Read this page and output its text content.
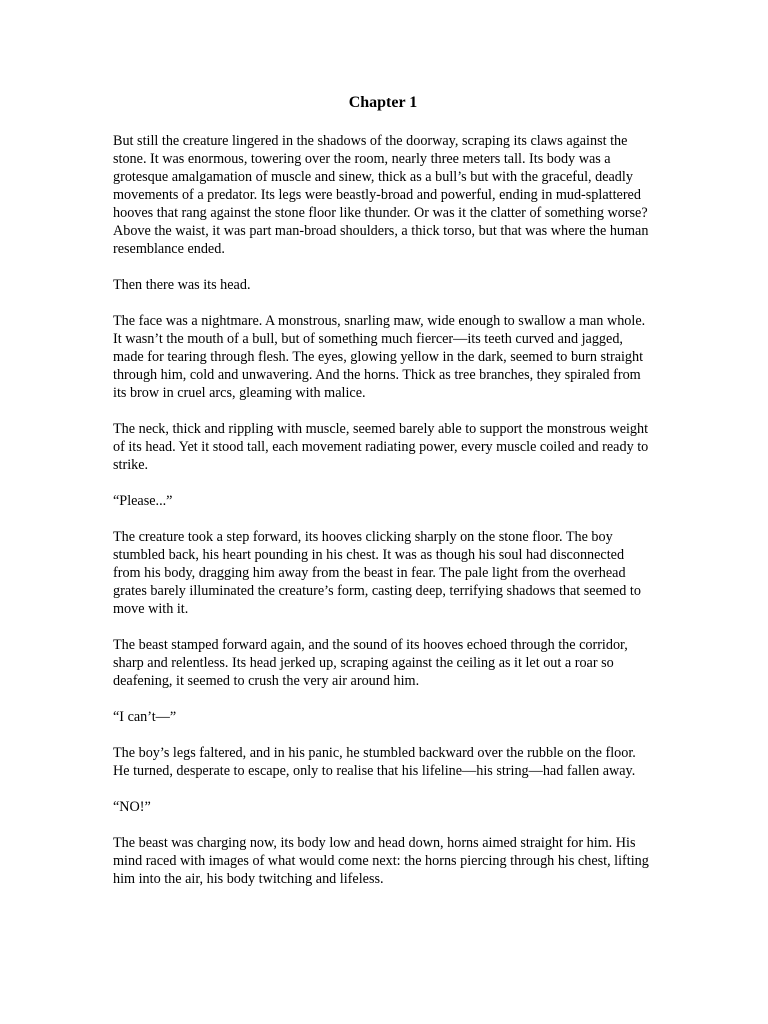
Chapter 1

But still the creature lingered in the shadows of the doorway, scraping its claws against the stone. It was enormous, towering over the room, nearly three meters tall. Its body was a grotesque amalgamation of muscle and sinew, thick as a bull’s but with the graceful, deadly movements of a predator. Its legs were beastly-broad and powerful, ending in mud-splattered hooves that rang against the stone floor like thunder. Or was it the clatter of something worse? Above the waist, it was part man-broad shoulders, a thick torso, but that was where the human resemblance ended.

Then there was its head.

The face was a nightmare. A monstrous, snarling maw, wide enough to swallow a man whole. It wasn’t the mouth of a bull, but of something much fiercer—its teeth curved and jagged, made for tearing through flesh. The eyes, glowing yellow in the dark, seemed to burn straight through him, cold and unwavering. And the horns. Thick as tree branches, they spiraled from its brow in cruel arcs, gleaming with malice.

The neck, thick and rippling with muscle, seemed barely able to support the monstrous weight of its head. Yet it stood tall, each movement radiating power, every muscle coiled and ready to strike.

“Please...”

The creature took a step forward, its hooves clicking sharply on the stone floor. The boy stumbled back, his heart pounding in his chest. It was as though his soul had disconnected from his body, dragging him away from the beast in fear. The pale light from the overhead grates barely illuminated the creature’s form, casting deep, terrifying shadows that seemed to move with it.

The beast stamped forward again, and the sound of its hooves echoed through the corridor, sharp and relentless. Its head jerked up, scraping against the ceiling as it let out a roar so deafening, it seemed to crush the very air around him.

“I can’t—”

The boy’s legs faltered, and in his panic, he stumbled backward over the rubble on the floor. He turned, desperate to escape, only to realise that his lifeline—his string—had fallen away.

“NO!”

The beast was charging now, its body low and head down, horns aimed straight for him. His mind raced with images of what would come next: the horns piercing through his chest, lifting him into the air, his body twitching and lifeless.
